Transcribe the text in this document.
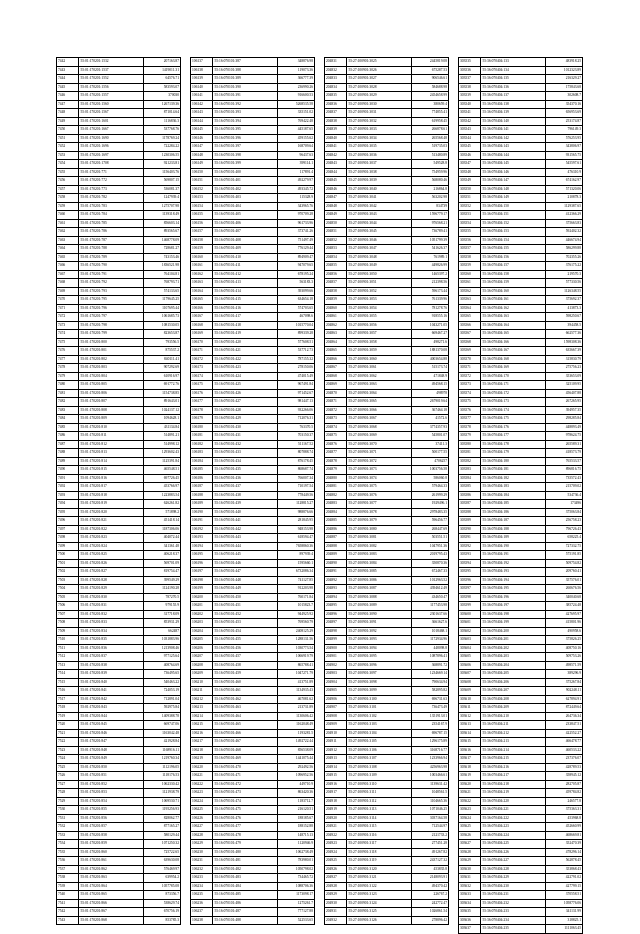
7442	55:01:170201:1532	207163.87
7443	55:01:170201:1537	1419011.31
7444	55:01:170201:1552	64576.71
7445	55:01:170201:1556	583593.07
7446	55:01:170201:1557	370030
7447	55:01:170201:1560	1267139.36
7448	55:01:170201:1567	871014.64
7449	55:01:170201:1601	1116836.3
7450	55:01:170201:1667	537768.76
7451	55:01:170201:1690	1178769.24
7452	55:01:170201:1696	722284.22
7453	55:01:170201:1697	1230306.55
7454	55:01:170201:1708	921233.81
7455	55:01:170201:771	1156403.76
7456	55:01:170201:772	569807.15
7457	55:01:170201:773	536081.37
7458	55:01:170201:782	1247939.4
7459	55:01:170201:783	1275707.98
7460	55:01:170201:784	1139318.49
7461	55:01:170201:785	856603.14
7462	55:01:170201:786	893565.67
7463	55:01:170201:787	1468778.09
7464	55:01:170201:788	728681.27
7465	55:01:170201:789	743153.46
7466	55:01:170201:790	1836521.98
7467	55:01:170201:791	764104.81
7468	55:01:170201:792	768793.71
7469	55:01:170201:793	574133.65
7470	55:01:170201:795	1179645.25
7471	55:01:170201:796	1107695.44
7472	55:01:170201:797	1061685.73
7473	55:01:170201:798	1081530.05
7474	55:01:170201:799	823653.87
7475	55:01:170201:800	793556.5
7476	55:01:170201:801	875537.2
7477	55:01:170201:802	840111.41
7478	55:01:170201:803	907292.69
7479	55:01:170201:804	610916.97
7480	55:01:170201:805	691772.76
7481	55:01:170201:806	1154738.85
7482	55:01:170201:807	891643.01
7483	55:01:170201:808	1024137.12
7484	55:01:170201:809	1094628.1
7485	55:01:170201:810	431134.84
7486	55:01:170201:811	514891.21
7487	55:01:170201:812	514998.12
7488	55:01:170201:813	1293602.43
7489	55:01:170201:814	1125391.84
7490	55:01:170201:815	465548.51
7491	55:01:170201:816	697726.45
7492	55:01:170201:817	453766.97
7493	55:01:170201:818	1223883.54
7494	55:01:170201:819	626261.82
7495	55:01:170201:820	571898.2
7496	55:01:170201:821	451418.14
7497	55:01:170201:822	1187306.06
7498	55:01:170201:823	404072.44
7499	55:01:170201:824	341361.48
7500	55:01:170201:825	406218.37
7501	55:01:170201:826	569701.09
7502	55:01:170201:827	819754.47
7503	55:01:170201:828	399549.29
7504	55:01:170201:829	1124190.28
7505	55:01:170201:830	787270.5
7506	55:01:170201:831	979155.9
7507	55:01:170201:832	317718.09
7508	55:01:170201:833	853931.29
7509	55:01:170201:834	662487
7510	55:01:170201:835	1031883.96
7511	55:01:170201:836	1213908.46
7512	55:01:170201:837	977125.64
7513	55:01:170201:838	408764.69
7514	55:01:170201:839	736495.65
7515	55:01:170201:840	540463.22
7516	55:01:170201:841	724053.19
7517	55:01:170201:842	712891.04
7518	55:01:170201:843	592975.84
7519	55:01:170201:844	1409388.78
7520	55:01:170201:845	669747.06
7521	55:01:170201:846	1163042.48
7522	55:01:170201:847	421928.84
7523	55:01:170201:848	1168916.11
7524	55:01:170201:849	1219760.34
7525	55:01:170201:850	1112196.05
7526	55:01:170201:851	1118176.53
7527	55:01:170201:852	1062330.42
7528	55:01:170201:853	1121938.79
7529	55:01:170201:854	1069530.71
7530	55:01:170201:855	1195256.93
7531	55:01:170201:856	828062.77
7532	55:01:170201:857	877165.27
7533	55:01:170201:858	580129.44
7534	55:01:170201:859	1071250.32
7535	55:01:170201:860	725722.65
7536	55:01:170201:861	639630.08
7537	55:01:170201:862	576469.97
7538	55:01:170201:863	639954.2
7539	55:01:170201:864	1057785.08
7540	55:01:170201:865	873356.7
7541	55:01:170201:866	538629.74
7542	55:01:170201:867	670756.19
7543	55:01:170201:868	853785.3
106137	55:16:070101:387	348876.98
106138	55:16:070101:388	119073.36
106139	55:16:070101:389	366777.39
106140	55:16:070101:390	236990.26
106141	55:16:070101:391	916600.53
106142	55:16:070101:392	5268535.58
106143	55:16:070101:393	335151.02
106144	55:16:070101:394	769422.48
106145	55:16:070101:395	445187.65
106146	55:16:070101:396	459155.62
106147	55:16:070101:397	168709.64
106148	55:16:070101:398	96437.63
106149	55:16:070101:399	399114.1
106150	55:16:070101:400	117891.4
106151	55:16:070101:401	492279.97
106152	55:16:070101:402	493345.72
106153	55:16:070101:403	115328.9
106154	55:16:070101:404	343965.76
106155	55:16:070101:405	970709.28
106156	55:16:070101:406	961733.96
106157	55:16:070101:407	373741.26
106158	55:16:070101:408	751497.49
106159	55:16:070101:409	776129.44
106160	55:16:070101:410	894909.47
106161	55:16:070101:411	947079.65
106162	55:16:070101:412	678195.24
106163	55:16:070101:413	563183.3
106164	55:16:070101:414	393099.66
106165	55:16:070101:415	634654.18
106166	55:16:070101:416	574703.65
106167	55:16:070101:417	467098.6
106168	55:16:070101:418	1015770.04
106169	55:16:070101:419	899339.28
106170	55:16:070101:420	577608.51
106171	55:16:070101:421	537712.73
106172	55:16:070101:422	787155.32
106173	55:16:070101:423	278150.06
106174	55:16:070101:424	474015.49
106175	55:16:070101:425	967491.84
106176	55:16:070101:426	971452.67
106177	55:16:070101:427	981447.13
106178	55:16:070101:428	932266.06
106179	55:16:070101:429	712076.31
106180	55:16:070101:430	763370.5
106181	55:16:070101:431	703150.37
106182	55:16:070101:432	511167.52
106183	55:16:070101:433	807888.74
106184	55:16:070101:434	876178.45
106185	55:16:070101:435	868687.74
106186	55:16:070101:436	766007.34
106187	55:16:070101:437	710197.54
106188	55:16:070101:438	778449.56
106189	55:16:070101:439	1128815.27
106190	55:16:070101:440	988876.66
106191	55:16:070101:441	281845.95
106192	55:16:070101:442	948153.98
106193	55:16:070101:443	618594.47
106194	55:16:070101:444	7658860.36
106195	55:16:070101:445	897939.4
106196	55:16:070101:446	1595660.1
106197	55:16:070101:447	6732086.34
106198	55:16:070101:448	741127.85
106199	55:16:070101:449	912203.98
106200	55:16:070101:450	760171.84
106201	55:16:070101:451	1015823.7
106202	55:16:070101:452	944925.92
106203	55:16:070101:453	769560.79
106204	55:16:070101:454	2408125.29
106205	55:16:070101:455	1288131.56
106206	55:16:070101:456	1030773.54
106207	55:16:070101:457	1066919.79
106208	55:16:070101:458	865788.41
106209	55:16:070101:459	1047271.79
106210	55:16:070101:460	413751.89
106211	55:16:070101:461	1134935.43
106212	55:16:070101:462	467081.62
106213	55:16:070101:463	213731.89
106214	55:16:070101:464	1130606.42
106215	55:16:070101:465	1162048.49
106216	55:16:070101:466	1193281.5
106217	55:16:070101:467	1492722.44
106218	55:16:070101:468	856538.09
106219	55:16:070101:469	1441075.44
106220	55:16:070101:470	292492.56
106221	55:16:070101:471	1096952.56
106222	55:16:070101:472	449710.9
106223	55:16:070101:473	863420.36
106224	55:16:070101:474	1183712.7
106225	55:16:070101:475	216120.51
106226	55:16:070101:476	188185.67
106227	55:16:070101:477	188152.88
106228	55:16:070101:478	148715.13
106229	55:16:070101:479	1120946.9
106230	55:16:070101:480	1062738.49
106231	55:16:070101:481	783980.01
106232	55:16:070101:482	1050798.02
106233	55:16:070101:483	734465.72
106234	55:16:070101:484	1088706.36
106235	55:16:070101:485	1173098.17
106236	55:16:070101:486	1275261.7
106237	55:16:070101:487	777127.88
106238	55:16:070101:488	522533.65
204831	55:27:100901:3025	2445819.08
204832	55:27:100901:3026	675287.53
204833	55:27:100901:3027	906546.61
204834	55:27:100901:3028	584688.98
204835	55:27:100901:3029	2454658.99
204836	55:27:100901:3030	380659.4
204837	55:27:100901:3031	774855.41
204838	55:27:100901:3032	619958.45
204839	55:27:100901:3033	266878.61
204840	55:27:100901:3034	265568.48
204841	55:27:100901:3035	519735.03
204842	55:27:100901:3036	513480.89
204843	55:27:100901:3037	549528.8
204844	55:27:100901:3038	754959.96
204845	55:27:100901:3039	568080.46
204846	55:27:100901:3040	216864.8
204847	55:27:100901:3041	563202.98
204848	55:27:100901:3042	834739
204849	55:27:100901:3043	1596779.17
204850	55:27:100901:3044	976568.21
204851	55:27:100901:3045	736789.41
204852	55:27:100901:3046	1051799.39
204853	55:27:100901:3047	541626.37
204854	55:27:100901:3048	761989.1
204855	55:27:100901:3049	449826.99
204856	55:27:100901:3050	1465397.2
204857	55:27:100901:3051	212398.56
204858	55:27:100901:3052	596173.44
204859	55:27:100901:3053	761339.96
204860	55:27:100901:3054	781278.76
204861	55:27:100901:3055	918555.16
204862	55:27:100901:3056	1043271.05
204863	55:27:100901:3057	669467.27
204864	55:27:100901:3058	498271.6
204865	55:27:100901:3059	1881370.08
204866	55:27:100901:3060	4003654.88
204867	55:27:100901:3061	515173.74
204868	55:27:100901:3062	471848.9
204869	55:27:100901:3063	494568.15
204870	55:27:100901:3064	498978
204871	55:27:100901:3065	2679019.64
204872	55:27:100901:3066	367464.18
204873	55:27:100901:3067	41572.6
204874	55:27:100901:3068	3774357.93
204875	55:27:100901:3069	545801.07
204876	55:27:100901:3070	37411.3
204877	55:27:100901:3071	500177.55
204878	55:27:100901:3072	4706257
204879	55:27:100901:3073	1003756.58
204880	55:27:100901:3074	586060.8
204881	55:27:100901:3075	579464.33
204882	55:27:100901:3076	261999.29
204883	55:27:100901:3077	1929496.1
204884	55:27:100901:3078	2978483.35
204885	55:27:100901:3079	596456.77
204886	55:27:100901:3080	268447.69
204887	55:27:100901:3081	503551.51
204888	55:27:100901:3082	1047951.36
204889	55:27:100901:3083	2019795.43
204890	55:27:100901:3084	350870.36
204891	55:27:100901:3085	672467.33
204892	55:27:100901:3086	1012963.52
204893	55:27:100901:3087	4394612.49
204894	55:27:100901:3088	434650.47
204895	55:27:100901:3089	1177453.98
204896	55:27:100901:3090	2301637.66
204897	55:27:100901:3091	3661627.6
204898	55:27:100901:3092	1018468.1
204899	55:27:100901:3093	1172934.96
204900	55:27:100901:3094	448098.8
204901	55:27:100901:3095	1087896.41
204902	55:27:100901:3096	368891.72
204903	55:27:100901:3097	1234669.14
204904	55:27:100901:3098	790634.94
204905	55:27:100901:3099	582895.82
204906	55:27:100901:3100	696731.63
204907	55:27:100901:3101	736473.49
204908	55:27:100901:3102	1351913.01
204909	55:27:100901:3103	2354167.9
204910	55:27:100901:3104	696787.15
204911	55:27:100901:3105	1296175.89
204912	55:27:100901:3106	3168716.77
204913	55:27:100901:3107	1233966.94
204914	55:27:100901:3108	4256963.98
204915	55:27:100901:3109	1003466.61
204916	55:27:100901:3110	1139631.42
204917	55:27:100901:3111	1048561.5
204918	55:27:100901:3112	1104665.36
204919	55:27:100901:3113	1071046.25
204920	55:27:100901:3114	3037164.58
204921	55:27:100901:3115	712544.97
204922	55:27:100901:3116	2121733.2
204923	55:27:100901:3117	277451.28
204924	55:27:100901:3118	491267.82
204925	55:27:100901:3119	2437127.32
204926	55:27:100901:3120	453835.8
204927	55:27:100901:3121	2148093.91
204928	55:27:100901:3122	494370.42
204929	55:27:100901:3123	226767.2
204930	55:27:100901:3124	242772.47
204931	55:27:100901:3125	1026861.54
204932	55:27:100901:3126	278896.42
303535	55:36:070404:133	483918.25
303536	55:36:070404:134	1012323.89
303537	55:36:070404:135	216329.27
303538	55:36:070404:136	175843.68
303539	55:36:070404:137	302608.7
303540	55:36:070404:138	354370.16
303541	55:36:070404:139	656953.69
303542	55:36:070404:140	253174.87
303543	55:36:070404:141	796149.3
303544	55:36:070404:142	576253.95
303545	55:36:070404:143	343806.97
303546	55:36:070404:144	931565.75
303547	55:36:070404:145	545597.61
303548	55:36:070404:146	476310.9
303549	55:36:070404:147	674162.97
303550	55:36:070404:148	571320.06
303551	55:36:070404:149	210878.3
303552	55:36:070404:150	1129387.65
303553	55:36:070404:151	412366.29
303554	55:36:070404:152	375663.83
303555	55:36:070404:153	592402.32
303556	55:36:070404:154	446674.94
303557	55:36:070404:155	586299.88
303558	55:36:070404:156	702355.26
303559	55:36:070404:157	376175.22
303560	55:36:070404:158	219570.3
303561	55:36:070404:159	577330.56
303562	55:36:070404:160	1126348.55
303563	55:36:070404:161	375692.37
303564	55:36:070404:162	413873.3
303565	55:36:070404:163	598250.67
303566	55:36:070404:164	394458.5
303567	55:36:070404:165	662577.36
303568	55:36:070404:166	1598308.36
303569	55:36:070404:167	635667.39
303570	55:36:070404:168	315830.79
303571	55:36:070404:169	275756.23
303572	55:36:070404:170	353653.09
303573	55:36:070404:171	325109.95
303574	55:36:070404:172	456407.88
303575	55:36:070404:173	267265.95
303576	55:36:070404:174	394957.35
303577	55:36:070404:175	298285.84
303578	55:36:070404:176	448893.49
303579	55:36:070404:177	978624.75
303580	55:36:070404:178	265589.31
303581	55:36:070404:179	418573.79
303582	55:36:070404:180	765533.57
303583	55:36:070404:181	896816.75
303584	55:36:070404:182	735572.43
303585	55:36:070404:183	215709.02
303586	55:36:070404:184	534736.4
303587	55:36:070404:185	173496
303588	55:36:070404:186	375063.84
303589	55:36:070404:187	256758.23
303590	55:36:070404:188	796726.43
303591	55:36:070404:189	658225.4
303592	55:36:070404:190	727332.75
303593	55:36:070404:191	575191.85
303594	55:36:070404:192	509754.82
303595	55:36:070404:193	209760.41
303596	55:36:070404:194	357576.01
303597	55:36:070404:195	260676.56
303598	55:36:070404:196	340040.68
303599	55:36:070404:197	385724.48
303600	55:36:070404:198	427695.97
303601	55:36:070404:199	415801.96
303602	55:36:070404:200	490958.6
303603	55:36:070404:201	375826.25
303604	55:36:070404:202	408750.16
303605	55:36:070404:203	509753.26
303606	55:36:070404:204	498571.59
303607	55:36:070404:205	389296.9
303608	55:36:070404:206	375267.84
303609	55:36:070404:207	902248.11
303610	55:36:070404:208	627894.91
303611	55:36:070404:209	872449.64
303612	55:36:070404:210	264736.34
303613	55:36:070404:211	233847.51
303614	55:36:070404:212	422552.27
303615	55:36:070404:213	466478.77
303616	55:36:070404:214	460533.22
303617	55:36:070404:215	237376.07
303618	55:36:070404:216	428789.53
303619	55:36:070404:217	358945.12
303620	55:36:070404:218	282705.87
303621	55:36:070404:219	459784.82
303622	55:36:070404:220	246577.8
303623	55:36:070404:221	375363.31
303624	55:36:070404:222	453968.8
303625	55:36:070404:223	452660.99
303626	55:36:070404:224	468669.81
303627	55:36:070404:225	352470.39
303628	55:36:070404:226	478296.14
303629	55:36:070404:227	562878.45
303630	55:36:070404:228	353868.43
303631	55:36:070404:229	422791.02
303632	55:36:070404:230	427799.15
303633	55:36:070404:231	370558.51
303634	55:36:070404:232	1058776.06
303635	55:36:070404:233	341131.99
303636	55:36:070404:234	318825.1
303637	55:36:070404:235	1111063.45
